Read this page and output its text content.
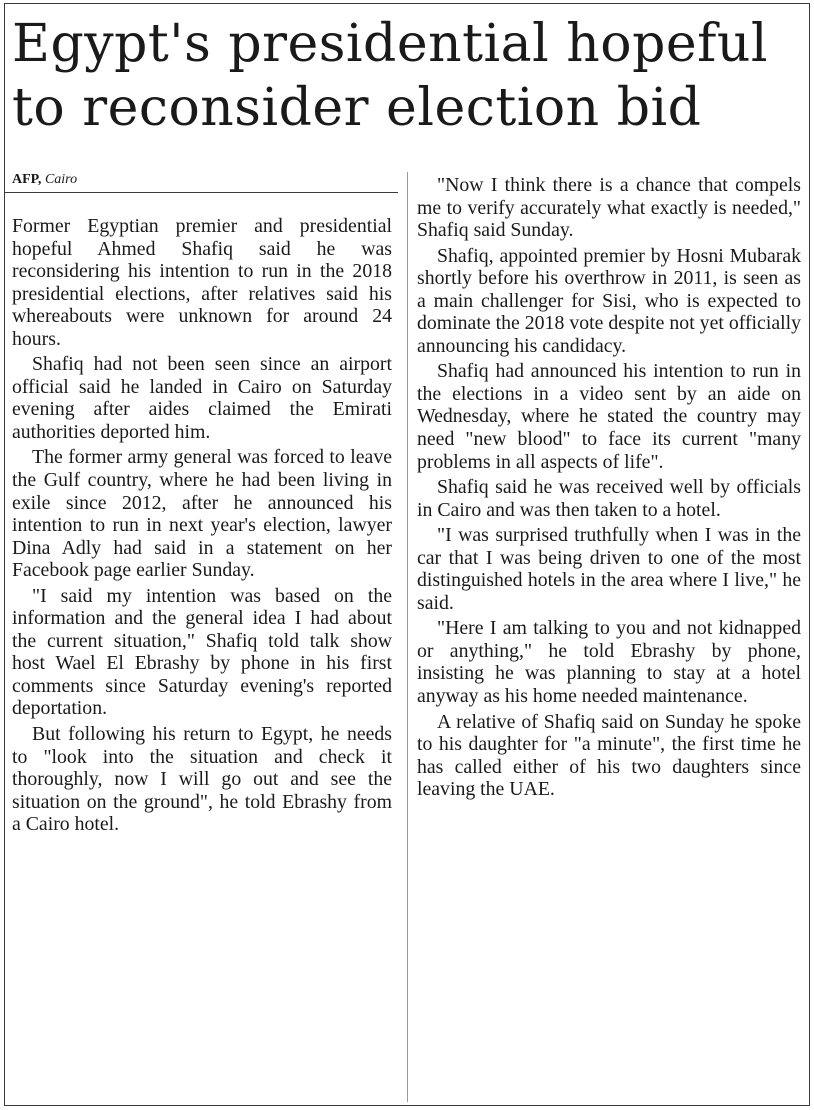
Egypt's presidential hopeful
to reconsider election bid
AFP, Cairo

Former Egyptian premier and presidential hopeful Ahmed Shafiq said he was reconsidering his intention to run in the 2018 presidential elections, after relatives said his whereabouts were unknown for around 24 hours.

Shafiq had not been seen since an airport official said he landed in Cairo on Saturday evening after aides claimed the Emirati authorities deported him.

The former army general was forced to leave the Gulf country, where he had been living in exile since 2012, after he announced his intention to run in next year's election, lawyer Dina Adly had said in a statement on her Facebook page earlier Sunday.

"I said my intention was based on the information and the general idea I had about the current situation," Shafiq told talk show host Wael El Ebrashy by phone in his first comments since Saturday evening's reported deportation.

But following his return to Egypt, he needs to "look into the situation and check it thoroughly, now I will go out and see the situation on the ground", he told Ebrashy from a Cairo hotel.

"Now I think there is a chance that compels me to verify accurately what exactly is needed," Shafiq said Sunday.

Shafiq, appointed premier by Hosni Mubarak shortly before his overthrow in 2011, is seen as a main challenger for Sisi, who is expected to dominate the 2018 vote despite not yet officially announcing his candidacy.

Shafiq had announced his intention to run in the elections in a video sent by an aide on Wednesday, where he stated the country may need "new blood" to face its current "many problems in all aspects of life".

Shafiq said he was received well by officials in Cairo and was then taken to a hotel.

"I was surprised truthfully when I was in the car that I was being driven to one of the most distinguished hotels in the area where I live," he said.

"Here I am talking to you and not kidnapped or anything," he told Ebrashy by phone, insisting he was planning to stay at a hotel anyway as his home needed maintenance.

A relative of Shafiq said on Sunday he spoke to his daughter for "a minute", the first time he has called either of his two daughters since leaving the UAE.
